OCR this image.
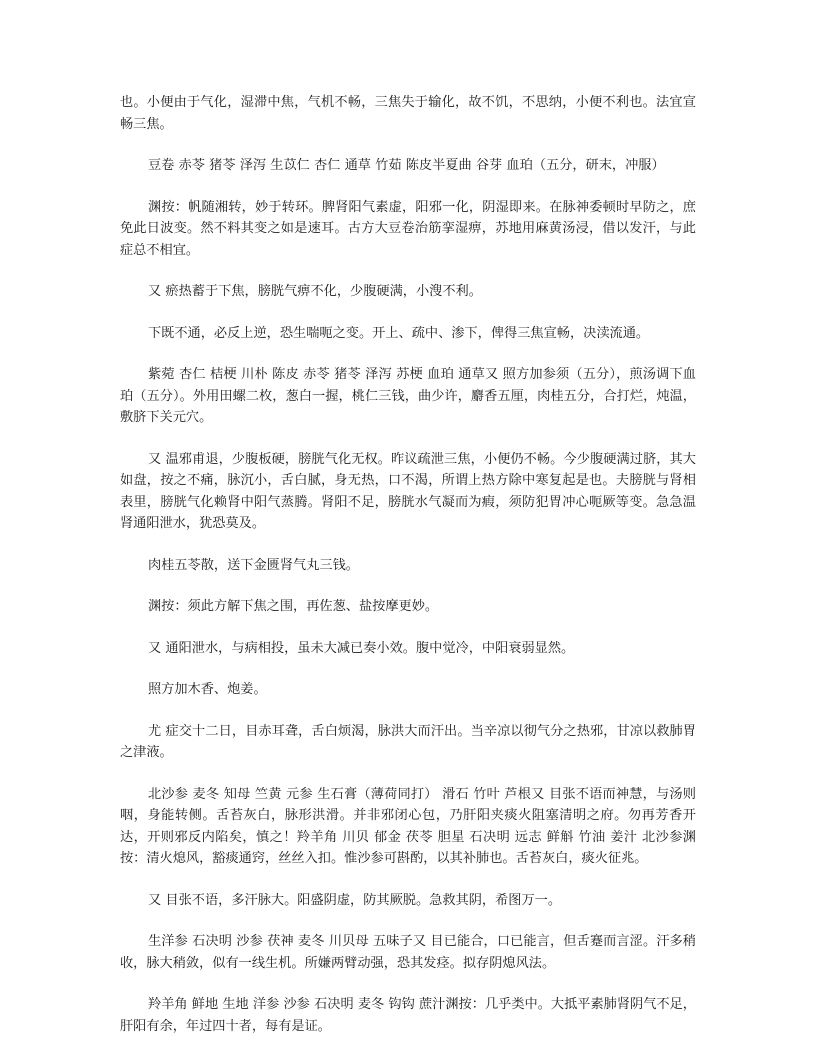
也。小便由于气化，湿滞中焦，气机不畅，三焦失于输化，故不饥，不思纳，小便不利也。法宜宣畅三焦。

豆卷 赤苓 猪苓 泽泻 生苡仁 杏仁 通草 竹茹 陈皮半夏曲 谷芽 血珀（五分，研末，冲服）

渊按：帆随湘转，妙于转环。脾肾阳气素虚，阳邪一化，阴湿即来。在脉神委顿时早防之，庶免此日波变。然不料其变之如是速耳。古方大豆卷治筋挛湿痹，苏地用麻黄汤浸，借以发汗，与此症总不相宜。

又 瘀热蓄于下焦，膀胱气痹不化，少腹硬满，小溲不利。

下既不通，必反上逆，恐生喘呃之变。开上、疏中、渗下，俾得三焦宣畅，决渎流通。

紫菀 杏仁 桔梗 川朴 陈皮 赤苓 猪苓 泽泻 苏梗 血珀 通草又 照方加参须（五分），煎汤调下血珀（五分）。外用田螺二枚，葱白一握，桃仁三钱，曲少许，麝香五厘，肉桂五分，合打烂，炖温，敷脐下关元穴。

又 温邪甫退，少腹板硬，膀胱气化无权。昨议疏泄三焦，小便仍不畅。今少腹硬满过脐，其大如盘，按之不痛，脉沉小，舌白腻，身无热，口不渴，所谓上热方除中寒复起是也。夫膀胱与肾相表里，膀胱气化赖肾中阳气蒸腾。肾阳不足，膀胱水气凝而为瘕，须防犯胃冲心呃厥等变。急急温肾通阳泄水，犹恐莫及。

肉桂五苓散，送下金匮肾气丸三钱。

渊按：须此方解下焦之围，再佐葱、盐按摩更妙。

又 通阳泄水，与病相投，虽未大减已奏小效。腹中觉冷，中阳衰弱显然。

照方加木香、炮姜。

尤 症交十二日，目赤耳聋，舌白烦渴，脉洪大而汗出。当辛凉以彻气分之热邪，甘凉以救肺胃之津液。

北沙参 麦冬 知母 竺黄 元参 生石膏（薄荷同打） 滑石 竹叶 芦根又 目张不语而神慧，与汤则咽，身能转侧。舌苔灰白，脉形洪滑。并非邪闭心包，乃肝阳夹痰火阻塞清明之府。勿再芳香开达，开则邪反内陷矣，慎之！羚羊角 川贝 郁金 茯苓 胆星 石决明 远志 鲜斛 竹油 姜汁 北沙参渊按：清火熄风，豁痰通窍，丝丝入扣。惟沙参可斟酌，以其补肺也。舌苔灰白，痰火征兆。

又 目张不语，多汗脉大。阳盛阴虚，防其厥脱。急救其阴，希图万一。

生洋参 石决明 沙参 茯神 麦冬 川贝母 五味子又 目已能合，口已能言，但舌蹇而言涩。汗多稍收，脉大稍敛，似有一线生机。所嫌两臂动强，恐其发痉。拟存阴熄风法。

羚羊角 鲜地 生地 洋参 沙参 石决明 麦冬 钩钩 蔗汁渊按：几乎类中。大抵平素肺肾阴气不足，肝阳有余，年过四十者，每有是证。
